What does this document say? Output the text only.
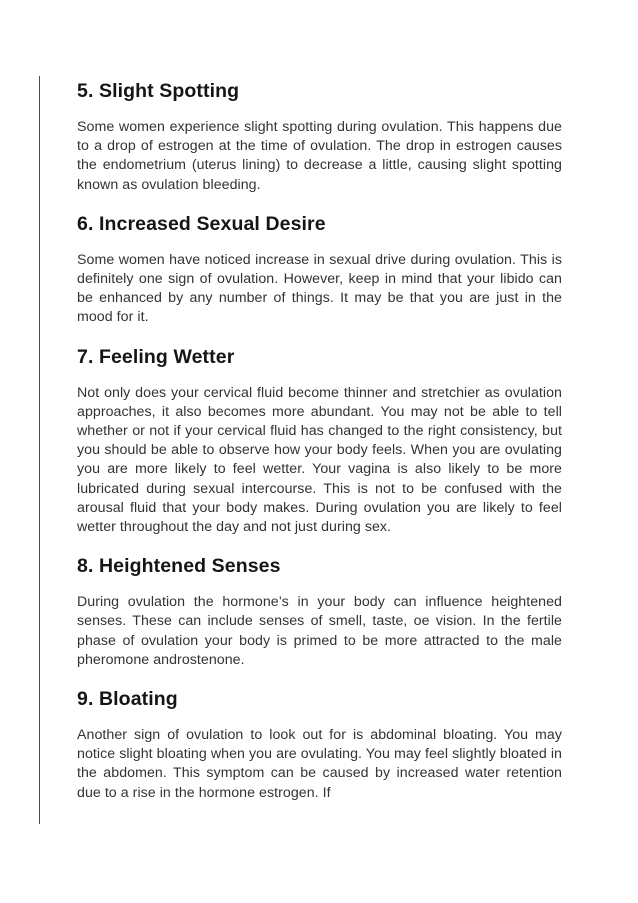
5. Slight Spotting

Some women experience slight spotting during ovulation. This happens due to a drop of estrogen at the time of ovulation. The drop in estrogen causes the endometrium (uterus lining) to decrease a little, causing slight spotting known as ovulation bleeding.

6. Increased Sexual Desire

Some women have noticed increase in sexual drive during ovulation. This is definitely one sign of ovulation. However, keep in mind that your libido can be enhanced by any number of things. It may be that you are just in the mood for it.

7. Feeling Wetter

Not only does your cervical fluid become thinner and stretchier as ovulation approaches, it also becomes more abundant. You may not be able to tell whether or not if your cervical fluid has changed to the right consistency, but you should be able to observe how your body feels. When you are ovulating you are more likely to feel wetter. Your vagina is also likely to be more lubricated during sexual intercourse. This is not to be confused with the arousal fluid that your body makes. During ovulation you are likely to feel wetter throughout the day and not just during sex.

8. Heightened Senses

During ovulation the hormone’s in your body can influence heightened senses. These can include senses of smell, taste, oe vision. In the fertile phase of ovulation your body is primed to be more attracted to the male pheromone androstenone.

9. Bloating

Another sign of ovulation to look out for is abdominal bloating. You may notice slight bloating when you are ovulating. You may feel slightly bloated in the abdomen. This symptom can be caused by increased water retention due to a rise in the hormone estrogen. If
